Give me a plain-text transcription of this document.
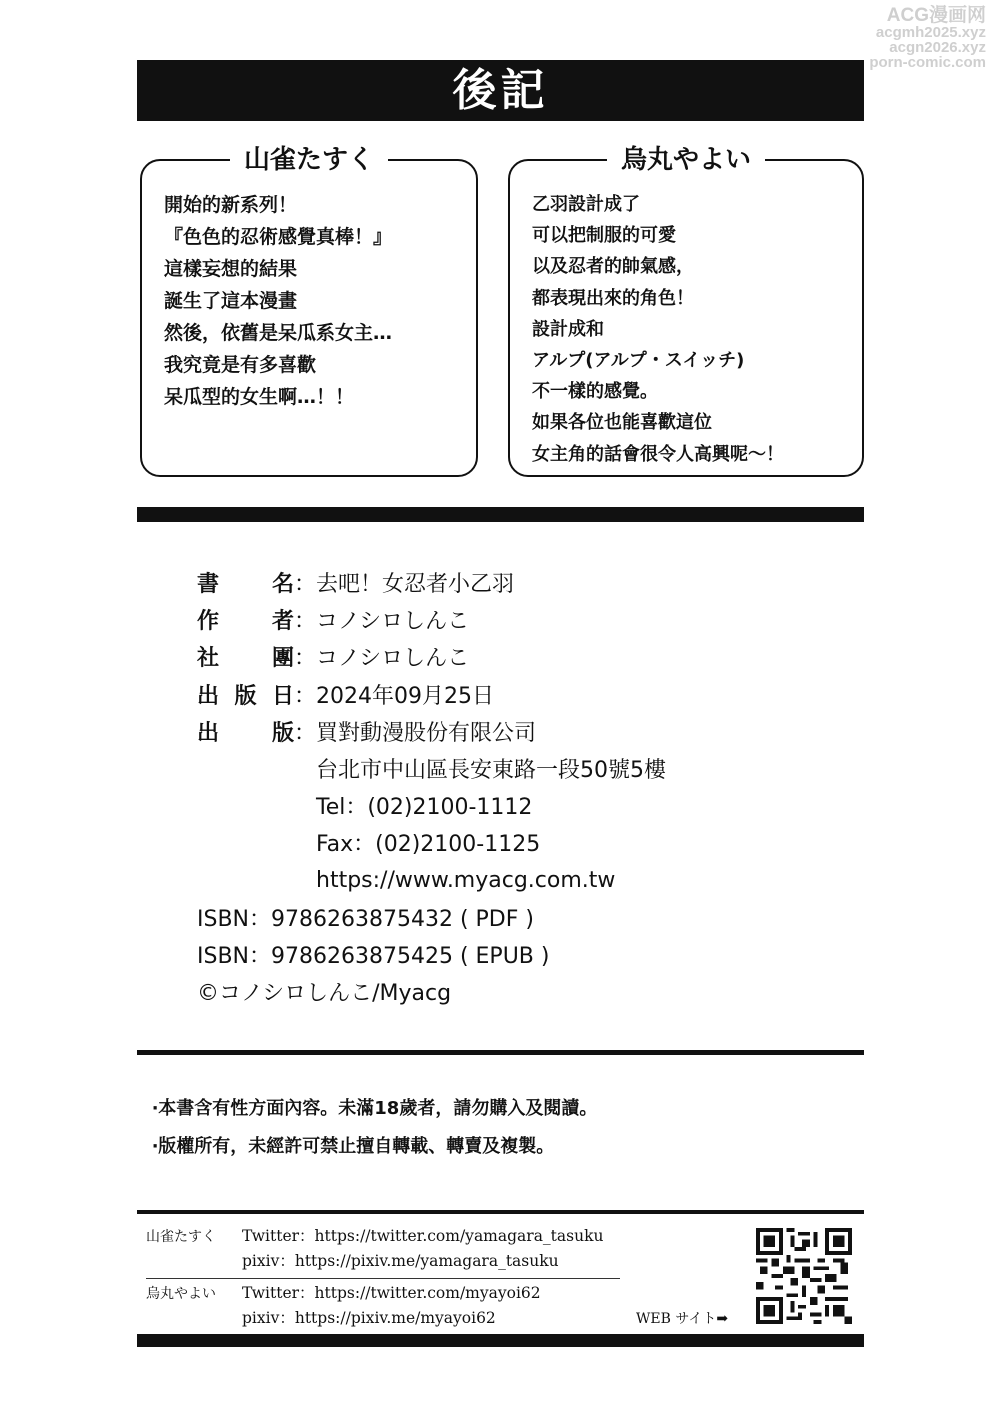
ACG漫画网
acgmh2025.xyz
acgn2026.xyz
porn-comic.com
後記
山雀たすく
開始的新系列！
『色色的忍術感覺真棒！』
這樣妄想的結果
誕生了這本漫畫
然後，依舊是呆瓜系女主…
我究竟是有多喜歡
呆瓜型的女生啊…！！
烏丸やよい
乙羽設計成了
可以把制服的可愛
以及忍者的帥氣感，
都表現出來的角色！
設計成和
アルプ(アルプ・スイッチ)
不一樣的感覺。
如果各位也能喜歡這位
女主角的話會很令人高興呢～！
書 名 ： 去吧！女忍者小乙羽
作 者 ： コノシロしんこ
社 團 ： コノシロしんこ
出 版 日 ： 2024年09月25日
出 版 ： 買對動漫股份有限公司
台北市中山區長安東路一段50號5樓
Tel：(02)2100-1112
Fax：(02)2100-1125
https://www.myacg.com.tw
ISBN：9786263875432 ( PDF )
ISBN：9786263875425 ( EPUB )
©コノシロしんこ/Myacg
‧本書含有性方面內容。未滿18歲者，請勿購入及閱讀。
‧版權所有，未經許可禁止擅自轉載、轉賣及複製。
山雀たすく Twitter：https://twitter.com/yamagara_tasuku
pixiv：https://pixiv.me/yamagara_tasuku
烏丸やよい Twitter：https://twitter.com/myayoi62
pixiv：https://pixiv.me/myayoi62	WEB サイト➡
